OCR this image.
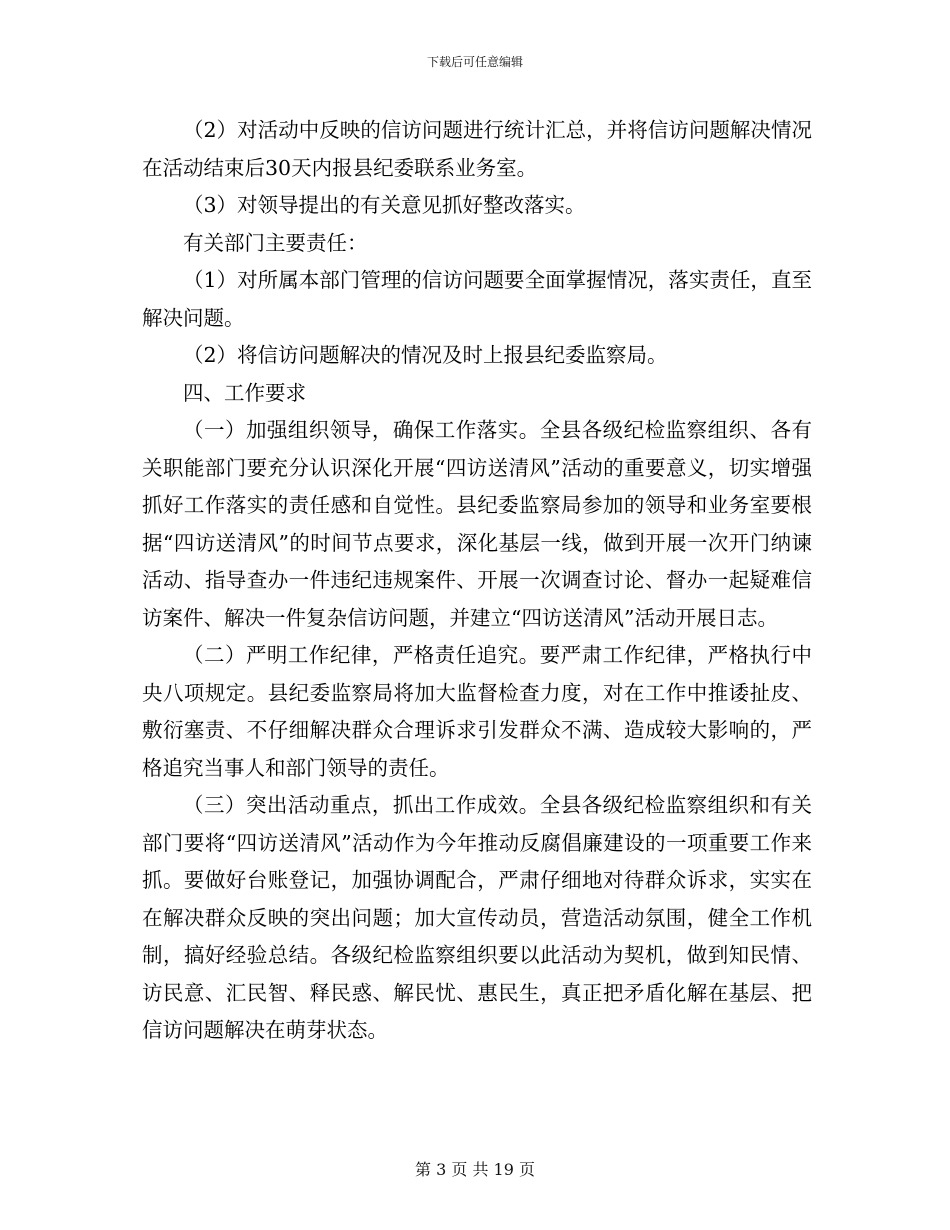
下载后可任意编辑

（2）对活动中反映的信访问题进行统计汇总，并将信访问题解决情况在活动结束后30天内报县纪委联系业务室。

（3）对领导提出的有关意见抓好整改落实。

有关部门主要责任：

（1）对所属本部门管理的信访问题要全面掌握情况，落实责任，直至解决问题。

（2）将信访问题解决的情况及时上报县纪委监察局。

四、工作要求

（一）加强组织领导，确保工作落实。全县各级纪检监察组织、各有关职能部门要充分认识深化开展“四访送清风”活动的重要意义，切实增强抓好工作落实的责任感和自觉性。县纪委监察局参加的领导和业务室要根据“四访送清风”的时间节点要求，深化基层一线，做到开展一次开门纳谏活动、指导查办一件违纪违规案件、开展一次调查讨论、督办一起疑难信访案件、解决一件复杂信访问题，并建立“四访送清风”活动开展日志。

（二）严明工作纪律，严格责任追究。要严肃工作纪律，严格执行中央八项规定。县纪委监察局将加大监督检查力度，对在工作中推诿扯皮、敷衍塞责、不仔细解决群众合理诉求引发群众不满、造成较大影响的，严格追究当事人和部门领导的责任。

（三）突出活动重点，抓出工作成效。全县各级纪检监察组织和有关部门要将“四访送清风”活动作为今年推动反腐倡廉建设的一项重要工作来抓。要做好台账登记，加强协调配合，严肃仔细地对待群众诉求，实实在在解决群众反映的突出问题；加大宣传动员，营造活动氛围，健全工作机制，搞好经验总结。各级纪检监察组织要以此活动为契机，做到知民情、访民意、汇民智、释民惑、解民忧、惠民生，真正把矛盾化解在基层、把信访问题解决在萌芽状态。

第 3 页 共 19 页
